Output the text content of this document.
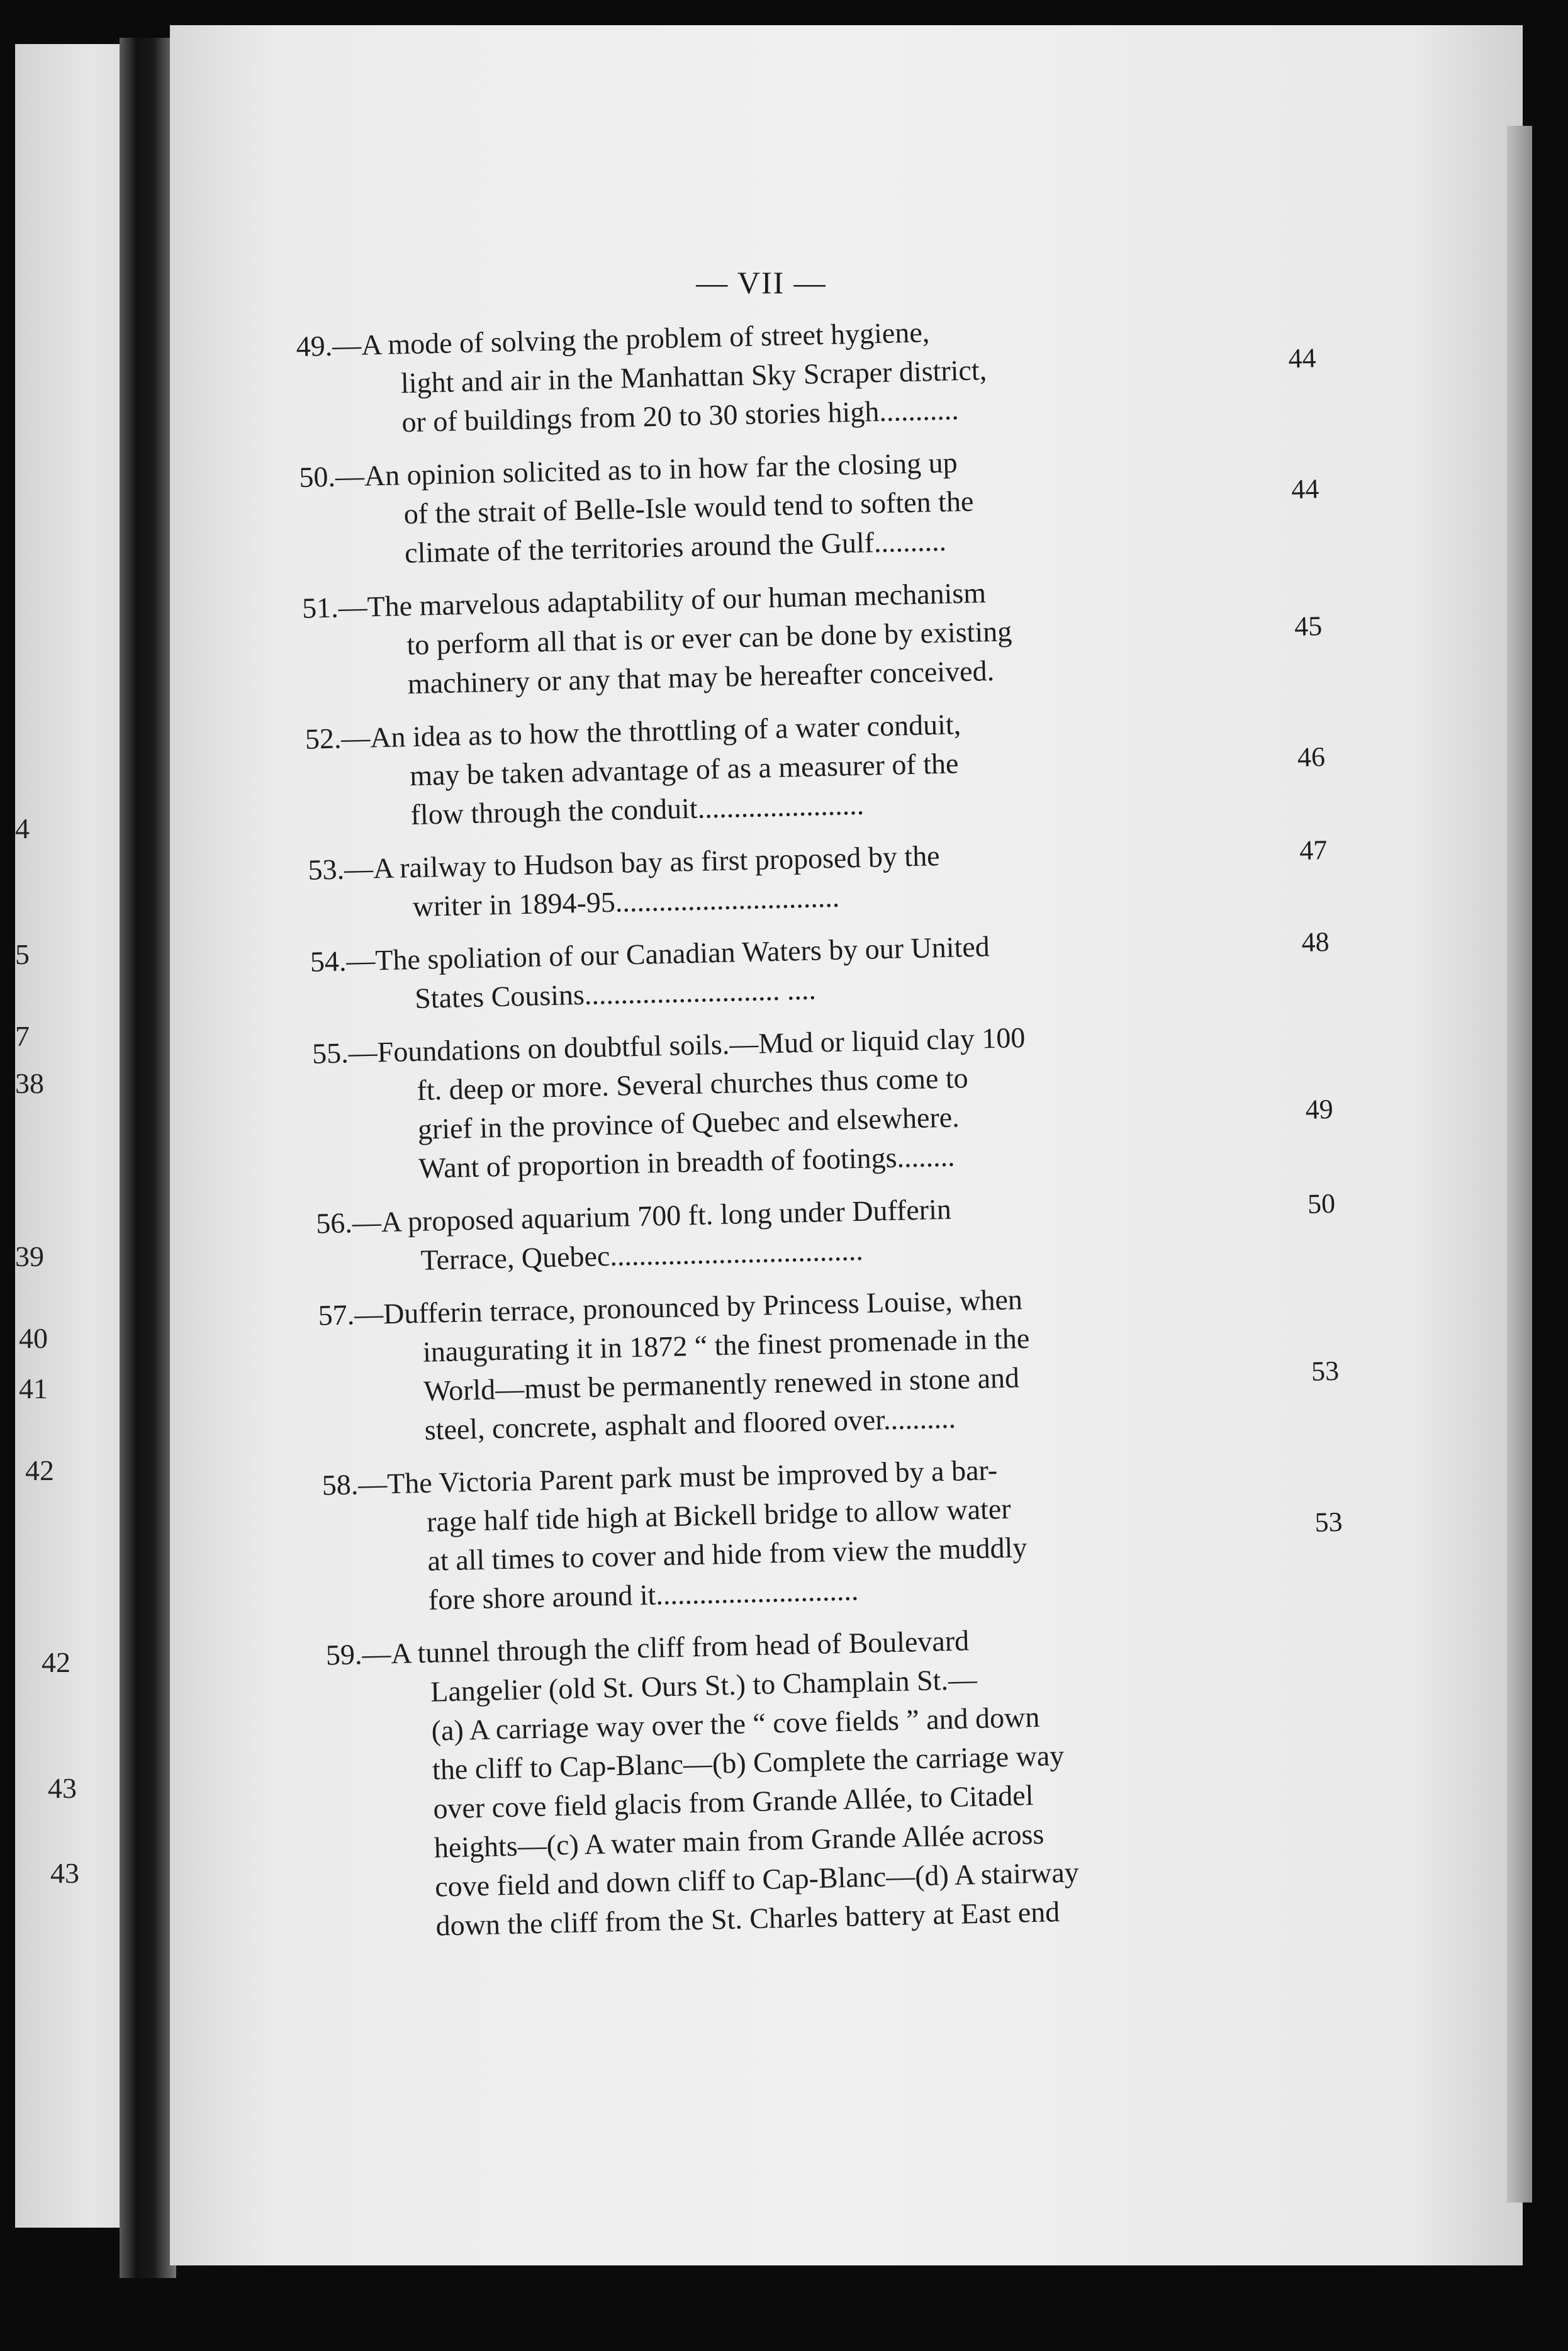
4
5
7
38
39
40
41
42
42
43
43
— VII —
49.—A mode of solving the problem of street hygiene,
light and air in the Manhattan Sky Scraper district,
or of buildings from 20 to 30 stories high...........
44
50.—An opinion solicited as to in how far the closing up
of the strait of Belle-Isle would tend to soften the
climate of the territories around the Gulf..........
44
51.—The marvelous adaptability of our human mechanism
to perform all that is or ever can be done by existing
machinery or any that may be hereafter conceived.
45
52.—An idea as to how the throttling of a water conduit,
may be taken advantage of as a measurer of the
flow through the conduit.......................
46
53.—A railway to Hudson bay as first proposed by the
writer in 1894-95...............................
47
54.—The spoliation of our Canadian Waters by our United
States Cousins........................... ....
48
55.—Foundations on doubtful soils.—Mud or liquid clay 100
ft. deep or more. Several churches thus come to
grief in the province of Quebec and elsewhere.
Want of proportion in breadth of footings........
49
56.—A proposed aquarium 700 ft. long under Dufferin
Terrace, Quebec...................................
50
57.—Dufferin terrace, pronounced by Princess Louise, when
inaugurating it in 1872 “ the finest promenade in the
World—must be permanently renewed in stone and
steel, concrete, asphalt and floored over..........
53
58.—The Victoria Parent park must be improved by a bar-
rage half tide high at Bickell bridge to allow water
at all times to cover and hide from view the muddly
fore shore around it............................
53
59.—A tunnel through the cliff from head of Boulevard
Langelier (old St. Ours St.) to Champlain St.—
(a) A carriage way over the “ cove fields ” and down
the cliff to Cap-Blanc—(b) Complete the carriage way
over cove field glacis from Grande Allée, to Citadel
heights—(c) A water main from Grande Allée across
cove field and down cliff to Cap-Blanc—(d) A stairway
down the cliff from the St. Charles battery at East end
